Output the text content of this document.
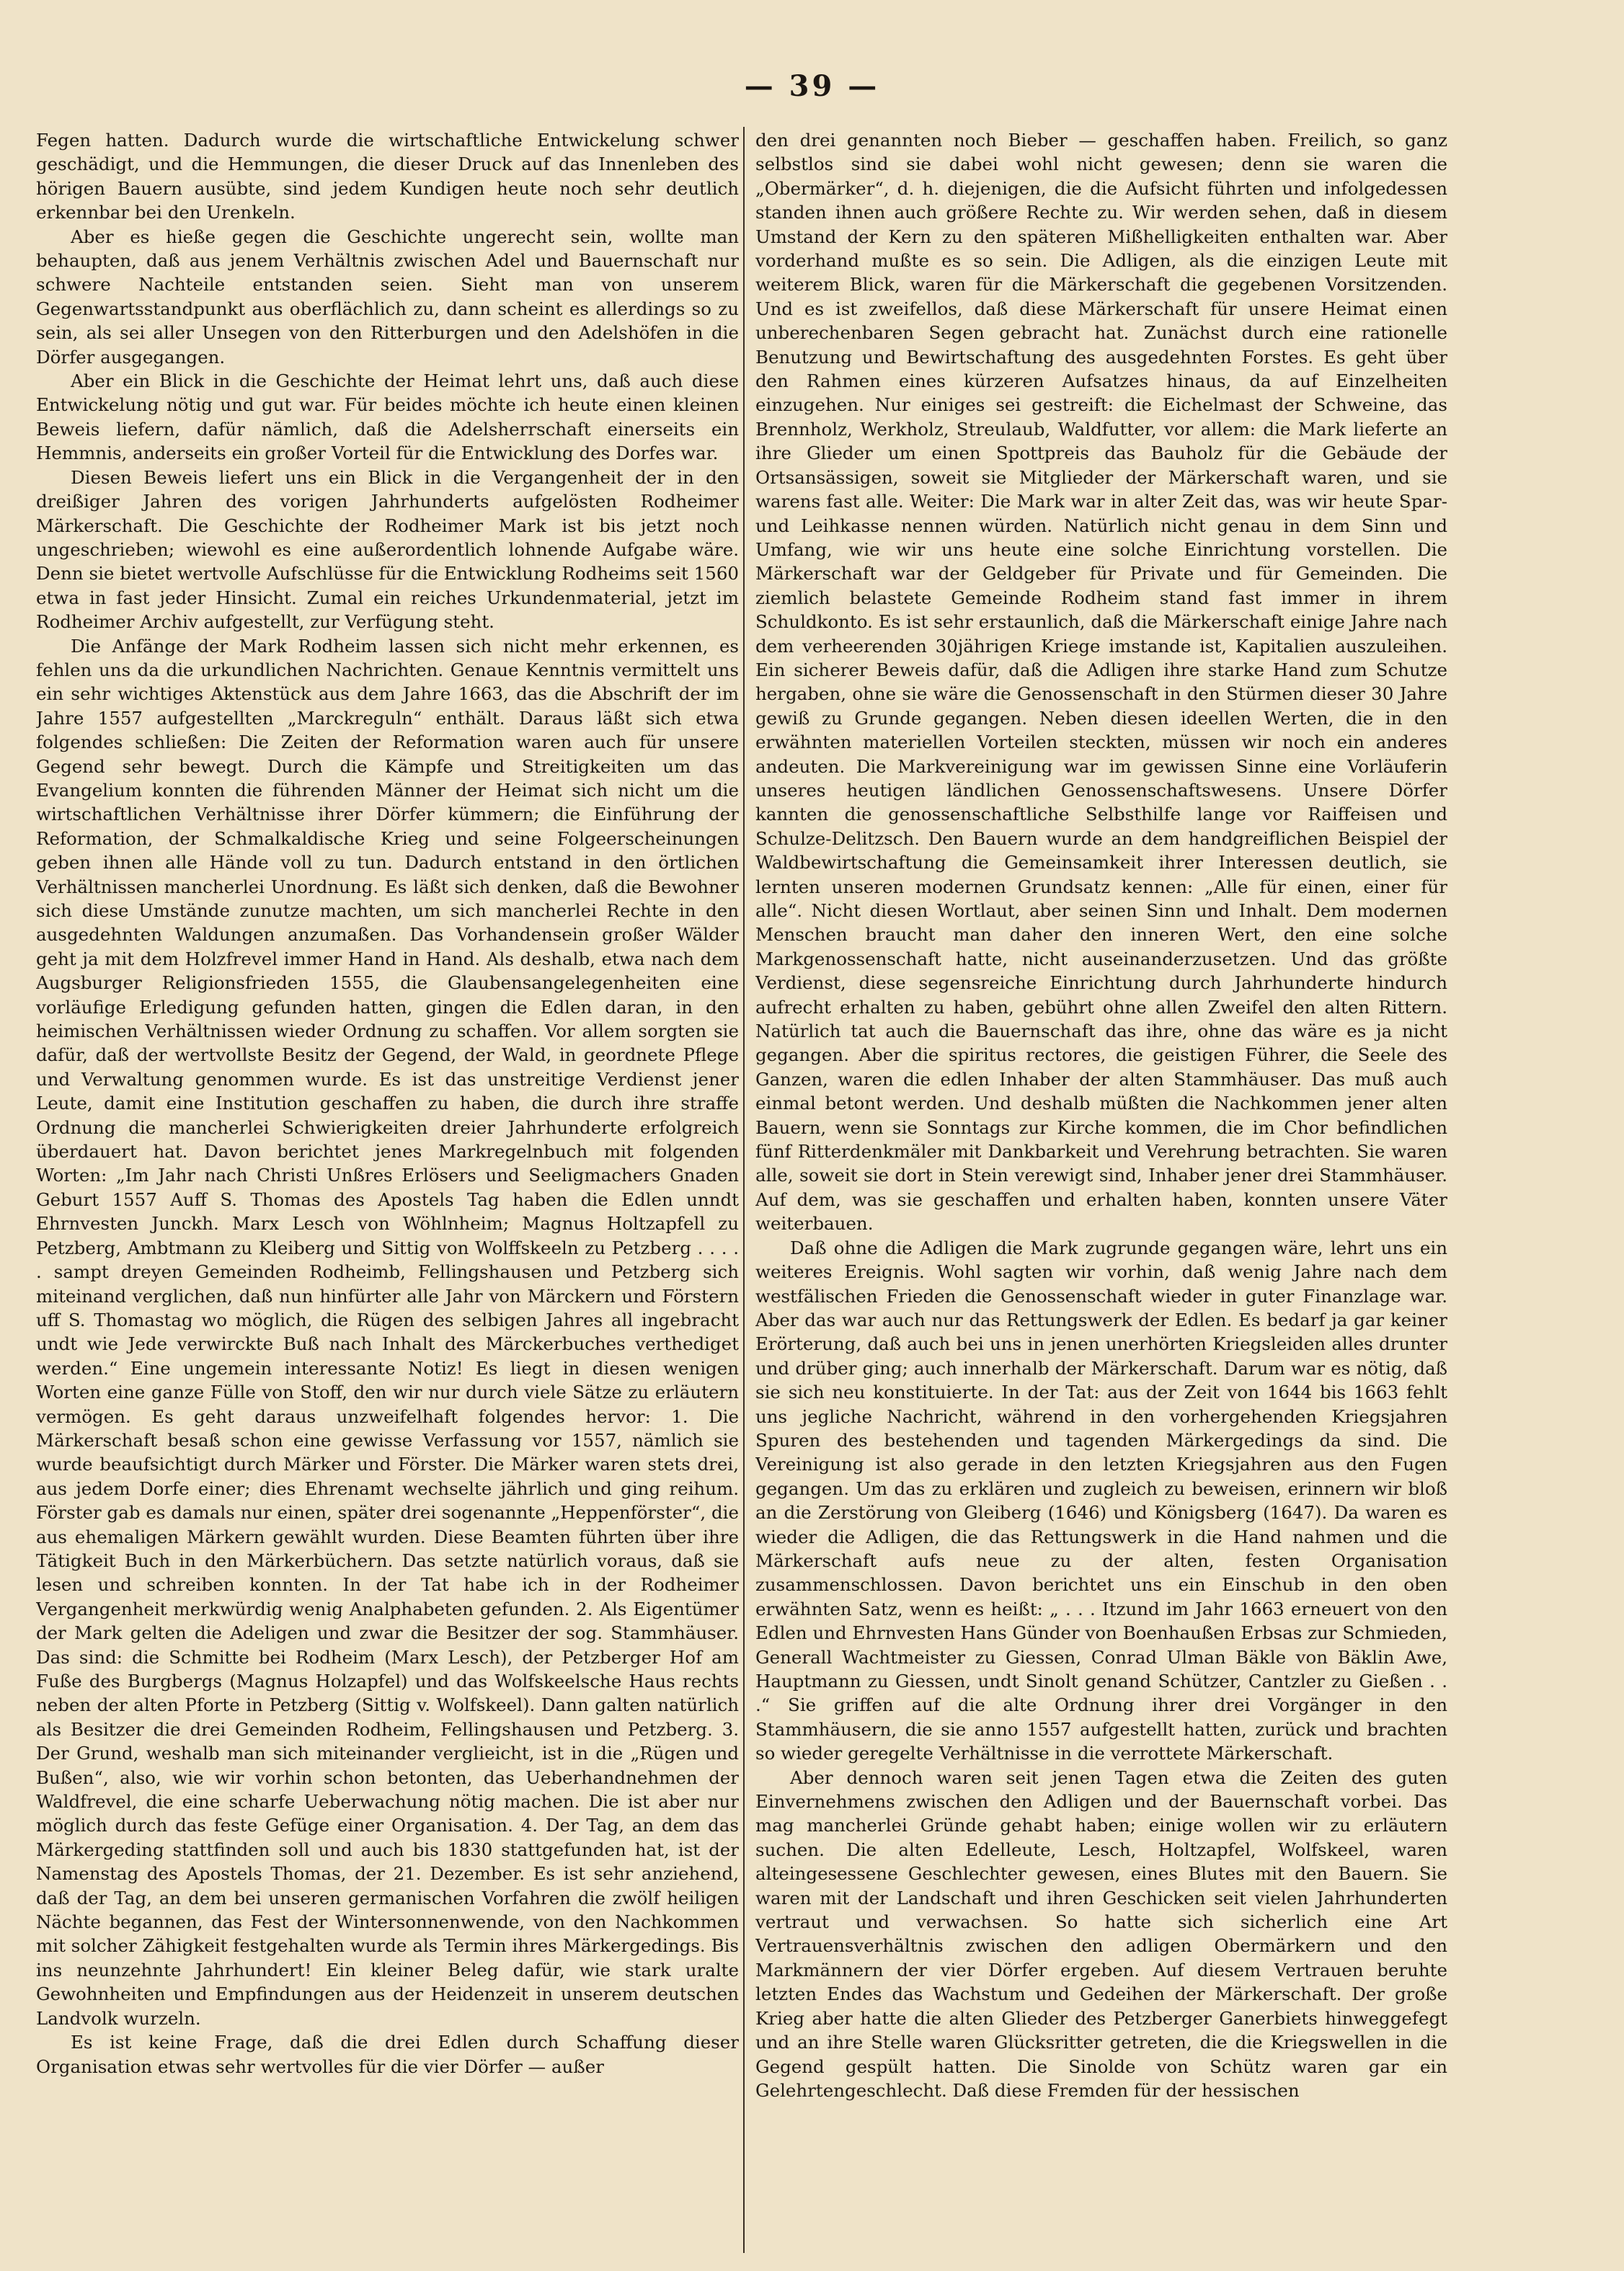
— 39 —

Fegen hatten. Dadurch wurde die wirtschaftliche Entwickelung schwer geschädigt, und die Hemmungen, die dieser Druck auf das Innenleben des hörigen Bauern ausübte, sind jedem Kundigen heute noch sehr deutlich erkennbar bei den Urenkeln.

Aber es hieße gegen die Geschichte ungerecht sein, wollte man behaupten, daß aus jenem Verhältnis zwischen Adel und Bauernschaft nur schwere Nachteile entstanden seien. Sieht man von unserem Gegenwartsstandpunkt aus oberflächlich zu, dann scheint es allerdings so zu sein, als sei aller Unsegen von den Ritterburgen und den Adelshöfen in die Dörfer ausgegangen.

Aber ein Blick in die Geschichte der Heimat lehrt uns, daß auch diese Entwickelung nötig und gut war. Für beides möchte ich heute einen kleinen Beweis liefern, dafür nämlich, daß die Adelsherrschaft einerseits ein Hemmnis, anderseits ein großer Vorteil für die Entwicklung des Dorfes war.

Diesen Beweis liefert uns ein Blick in die Vergangenheit der in den dreißiger Jahren des vorigen Jahrhunderts aufgelösten Rodheimer Märkerschaft. Die Geschichte der Rodheimer Mark ist bis jetzt noch ungeschrieben; wiewohl es eine außerordentlich lohnende Aufgabe wäre. Denn sie bietet wertvolle Aufschlüsse für die Entwicklung Rodheims seit 1560 etwa in fast jeder Hinsicht. Zumal ein reiches Urkundenmaterial, jetzt im Rodheimer Archiv aufgestellt, zur Verfügung steht.

Die Anfänge der Mark Rodheim lassen sich nicht mehr erkennen, es fehlen uns da die urkundlichen Nachrichten. Genaue Kenntnis vermittelt uns ein sehr wichtiges Aktenstück aus dem Jahre 1663, das die Abschrift der im Jahre 1557 aufgestellten „Marckreguln“ enthält. Daraus läßt sich etwa folgendes schließen: Die Zeiten der Reformation waren auch für unsere Gegend sehr bewegt. Durch die Kämpfe und Streitigkeiten um das Evangelium konnten die führenden Männer der Heimat sich nicht um die wirtschaftlichen Verhältnisse ihrer Dörfer kümmern; die Einführung der Reformation, der Schmalkaldische Krieg und seine Folgeerscheinungen geben ihnen alle Hände voll zu tun. Dadurch entstand in den örtlichen Verhältnissen mancherlei Unordnung. Es läßt sich denken, daß die Bewohner sich diese Umstände zunutze machten, um sich mancherlei Rechte in den ausgedehnten Waldungen anzumaßen. Das Vorhandensein großer Wälder geht ja mit dem Holzfrevel immer Hand in Hand. Als deshalb, etwa nach dem Augsburger Religionsfrieden 1555, die Glaubensangelegenheiten eine vorläufige Erledigung gefunden hatten, gingen die Edlen daran, in den heimischen Verhältnissen wieder Ordnung zu schaffen. Vor allem sorgten sie dafür, daß der wertvollste Besitz der Gegend, der Wald, in geordnete Pflege und Verwaltung genommen wurde. Es ist das unstreitige Verdienst jener Leute, damit eine Institution geschaffen zu haben, die durch ihre straffe Ordnung die mancherlei Schwierigkeiten dreier Jahrhunderte erfolgreich überdauert hat. Davon berichtet jenes Markregelnbuch mit folgenden Worten: „Im Jahr nach Christi Unßres Erlösers und Seeligmachers Gnaden Geburt 1557 Auff S. Thomas des Apostels Tag haben die Edlen unndt Ehrnvesten Junckh. Marx Lesch von Wöhlnheim; Magnus Holtzapfell zu Petzberg, Ambtmann zu Kleiberg und Sittig von Wolffskeeln zu Petzberg . . . . . sampt dreyen Gemeinden Rodheimb, Fellingshausen und Petzberg sich miteinand verglichen, daß nun hinfürter alle Jahr von Märckern und Förstern uff S. Thomastag wo möglich, die Rügen des selbigen Jahres all ingebracht undt wie Jede verwirckte Buß nach Inhalt des Märckerbuches verthediget werden.“ Eine ungemein interessante Notiz! Es liegt in diesen wenigen Worten eine ganze Fülle von Stoff, den wir nur durch viele Sätze zu erläutern vermögen. Es geht daraus unzweifelhaft folgendes hervor: 1. Die Märkerschaft besaß schon eine gewisse Verfassung vor 1557, nämlich sie wurde beaufsichtigt durch Märker und Förster. Die Märker waren stets drei, aus jedem Dorfe einer; dies Ehrenamt wechselte jährlich und ging reihum. Förster gab es damals nur einen, später drei sogenannte „Heppenförster“, die aus ehemaligen Märkern gewählt wurden. Diese Beamten führten über ihre Tätigkeit Buch in den Märkerbüchern. Das setzte natürlich voraus, daß sie lesen und schreiben konnten. In der Tat habe ich in der Rodheimer Vergangenheit merkwürdig wenig Analphabeten gefunden. 2. Als Eigentümer der Mark gelten die Adeligen und zwar die Besitzer der sog. Stammhäuser. Das sind: die Schmitte bei Rodheim (Marx Lesch), der Petzberger Hof am Fuße des Burgbergs (Magnus Holzapfel) und das Wolfskeelsche Haus rechts neben der alten Pforte in Petzberg (Sittig v. Wolfskeel). Dann galten natürlich als Besitzer die drei Gemeinden Rodheim, Fellingshausen und Petzberg. 3. Der Grund, weshalb man sich miteinander verglieicht, ist in die „Rügen und Bußen“, also, wie wir vorhin schon betonten, das Ueberhandnehmen der Waldfrevel, die eine scharfe Ueberwachung nötig machen. Die ist aber nur möglich durch das feste Gefüge einer Organisation. 4. Der Tag, an dem das Märkergeding stattfinden soll und auch bis 1830 stattgefunden hat, ist der Namenstag des Apostels Thomas, der 21. Dezember. Es ist sehr anziehend, daß der Tag, an dem bei unseren germanischen Vorfahren die zwölf heiligen Nächte begannen, das Fest der Wintersonnenwende, von den Nachkommen mit solcher Zähigkeit festgehalten wurde als Termin ihres Märkergedings. Bis ins neunzehnte Jahrhundert! Ein kleiner Beleg dafür, wie stark uralte Gewohnheiten und Empfindungen aus der Heidenzeit in unserem deutschen Landvolk wurzeln.

Es ist keine Frage, daß die drei Edlen durch Schaffung dieser Organisation etwas sehr wertvolles für die vier Dörfer — außer

den drei genannten noch Bieber — geschaffen haben. Freilich, so ganz selbstlos sind sie dabei wohl nicht gewesen; denn sie waren die „Obermärker“, d. h. diejenigen, die die Aufsicht führten und infolgedessen standen ihnen auch größere Rechte zu. Wir werden sehen, daß in diesem Umstand der Kern zu den späteren Mißhelligkeiten enthalten war. Aber vorderhand mußte es so sein. Die Adligen, als die einzigen Leute mit weiterem Blick, waren für die Märkerschaft die gegebenen Vorsitzenden. Und es ist zweifellos, daß diese Märkerschaft für unsere Heimat einen unberechenbaren Segen gebracht hat. Zunächst durch eine rationelle Benutzung und Bewirtschaftung des ausgedehnten Forstes. Es geht über den Rahmen eines kürzeren Aufsatzes hinaus, da auf Einzelheiten einzugehen. Nur einiges sei gestreift: die Eichelmast der Schweine, das Brennholz, Werkholz, Streulaub, Waldfutter, vor allem: die Mark lieferte an ihre Glieder um einen Spottpreis das Bauholz für die Gebäude der Ortsansässigen, soweit sie Mitglieder der Märkerschaft waren, und sie warens fast alle. Weiter: Die Mark war in alter Zeit das, was wir heute Spar- und Leihkasse nennen würden. Natürlich nicht genau in dem Sinn und Umfang, wie wir uns heute eine solche Einrichtung vorstellen. Die Märkerschaft war der Geldgeber für Private und für Gemeinden. Die ziemlich belastete Gemeinde Rodheim stand fast immer in ihrem Schuldkonto. Es ist sehr erstaunlich, daß die Märkerschaft einige Jahre nach dem verheerenden 30jährigen Kriege imstande ist, Kapitalien auszuleihen. Ein sicherer Beweis dafür, daß die Adligen ihre starke Hand zum Schutze hergaben, ohne sie wäre die Genossenschaft in den Stürmen dieser 30 Jahre gewiß zu Grunde gegangen. Neben diesen ideellen Werten, die in den erwähnten materiellen Vorteilen steckten, müssen wir noch ein anderes andeuten. Die Markvereinigung war im gewissen Sinne eine Vorläuferin unseres heutigen ländlichen Genossenschaftswesens. Unsere Dörfer kannten die genossenschaftliche Selbsthilfe lange vor Raiffeisen und Schulze-Delitzsch. Den Bauern wurde an dem handgreiflichen Beispiel der Waldbewirtschaftung die Gemeinsamkeit ihrer Interessen deutlich, sie lernten unseren modernen Grundsatz kennen: „Alle für einen, einer für alle“. Nicht diesen Wortlaut, aber seinen Sinn und Inhalt. Dem modernen Menschen braucht man daher den inneren Wert, den eine solche Markgenossenschaft hatte, nicht auseinanderzusetzen. Und das größte Verdienst, diese segensreiche Einrichtung durch Jahrhunderte hindurch aufrecht erhalten zu haben, gebührt ohne allen Zweifel den alten Rittern. Natürlich tat auch die Bauernschaft das ihre, ohne das wäre es ja nicht gegangen. Aber die spiritus rectores, die geistigen Führer, die Seele des Ganzen, waren die edlen Inhaber der alten Stammhäuser. Das muß auch einmal betont werden. Und deshalb müßten die Nachkommen jener alten Bauern, wenn sie Sonntags zur Kirche kommen, die im Chor befindlichen fünf Ritterdenkmäler mit Dankbarkeit und Verehrung betrachten. Sie waren alle, soweit sie dort in Stein verewigt sind, Inhaber jener drei Stammhäuser. Auf dem, was sie geschaffen und erhalten haben, konnten unsere Väter weiterbauen.

Daß ohne die Adligen die Mark zugrunde gegangen wäre, lehrt uns ein weiteres Ereignis. Wohl sagten wir vorhin, daß wenig Jahre nach dem westfälischen Frieden die Genossenschaft wieder in guter Finanzlage war. Aber das war auch nur das Rettungswerk der Edlen. Es bedarf ja gar keiner Erörterung, daß auch bei uns in jenen unerhörten Kriegsleiden alles drunter und drüber ging; auch innerhalb der Märkerschaft. Darum war es nötig, daß sie sich neu konstituierte. In der Tat: aus der Zeit von 1644 bis 1663 fehlt uns jegliche Nachricht, während in den vorhergehenden Kriegsjahren Spuren des bestehenden und tagenden Märkergedings da sind. Die Vereinigung ist also gerade in den letzten Kriegsjahren aus den Fugen gegangen. Um das zu erklären und zugleich zu beweisen, erinnern wir bloß an die Zerstörung von Gleiberg (1646) und Königsberg (1647). Da waren es wieder die Adligen, die das Rettungswerk in die Hand nahmen und die Märkerschaft aufs neue zu der alten, festen Organisation zusammenschlossen. Davon berichtet uns ein Einschub in den oben erwähnten Satz, wenn es heißt: „ . . . Itzund im Jahr 1663 erneuert von den Edlen und Ehrnvesten Hans Günder von Boenhaußen Erbsas zur Schmieden, Generall Wachtmeister zu Giessen, Conrad Ulman Bäkle von Bäklin Awe, Hauptmann zu Giessen, undt Sinolt genand Schützer, Cantzler zu Gießen . . .“ Sie griffen auf die alte Ordnung ihrer drei Vorgänger in den Stammhäusern, die sie anno 1557 aufgestellt hatten, zurück und brachten so wieder geregelte Verhältnisse in die verrottete Märkerschaft.

Aber dennoch waren seit jenen Tagen etwa die Zeiten des guten Einvernehmens zwischen den Adligen und der Bauernschaft vorbei. Das mag mancherlei Gründe gehabt haben; einige wollen wir zu erläutern suchen. Die alten Edelleute, Lesch, Holtzapfel, Wolfskeel, waren alteingesessene Geschlechter gewesen, eines Blutes mit den Bauern. Sie waren mit der Landschaft und ihren Geschicken seit vielen Jahrhunderten vertraut und verwachsen. So hatte sich sicherlich eine Art Vertrauensverhältnis zwischen den adligen Obermärkern und den Markmännern der vier Dörfer ergeben. Auf diesem Vertrauen beruhte letzten Endes das Wachstum und Gedeihen der Märkerschaft. Der große Krieg aber hatte die alten Glieder des Petzberger Ganerbiets hinweggefegt und an ihre Stelle waren Glücksritter getreten, die die Kriegswellen in die Gegend gespült hatten. Die Sinolde von Schütz waren gar ein Gelehrtengeschlecht. Daß diese Fremden für der hessischen
